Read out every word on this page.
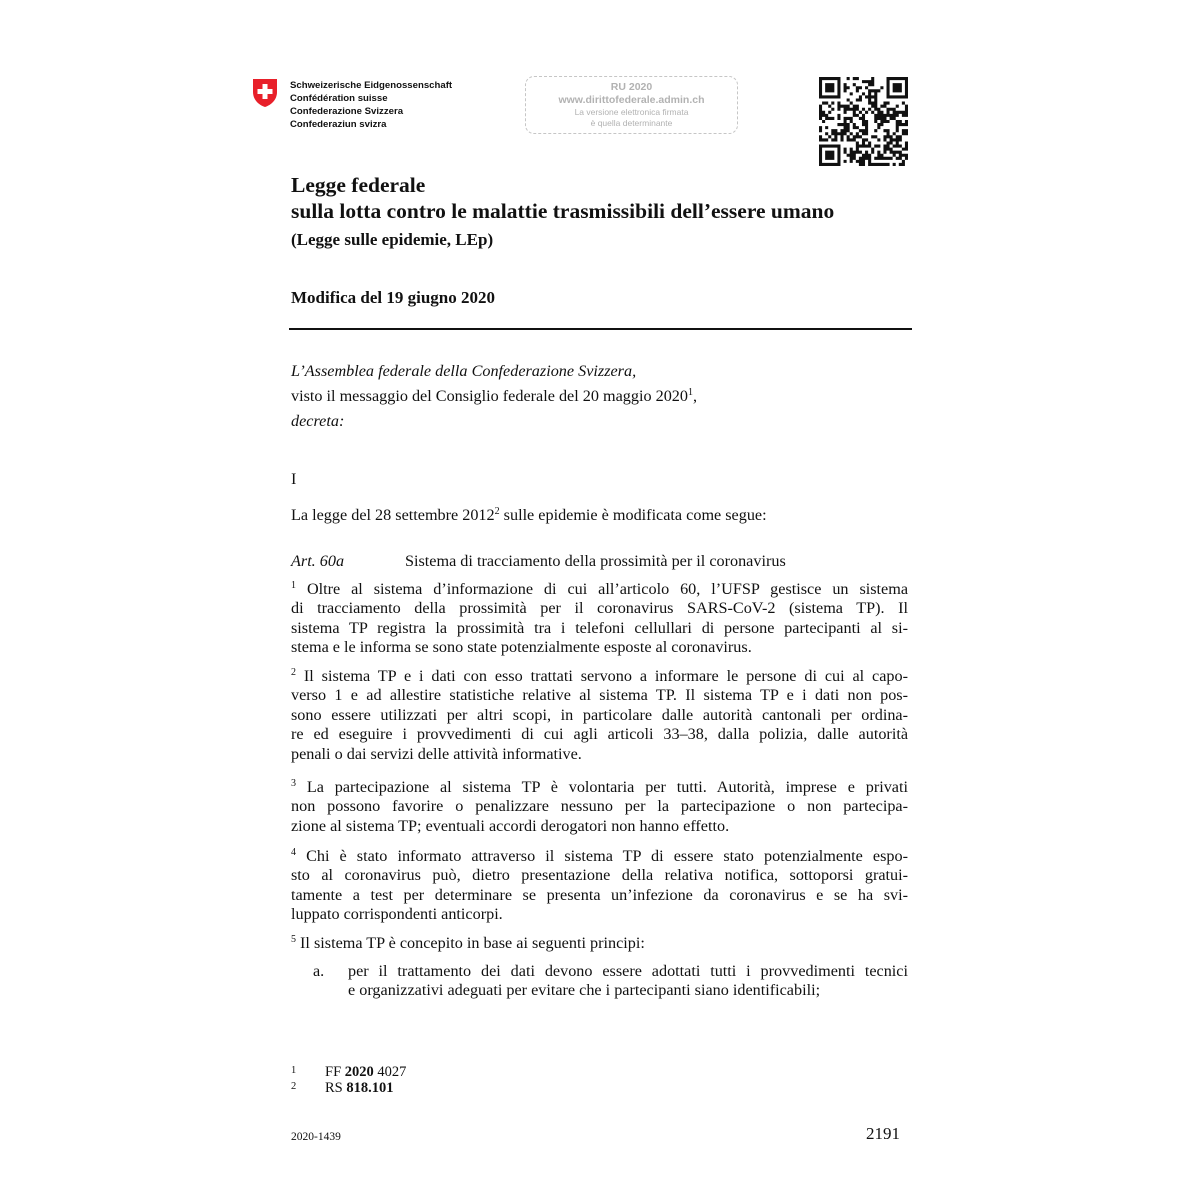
Schweizerische Eidgenossenschaft
Confédération suisse
Confederazione Svizzera
Confederaziun svizra
RU 2020
www.dirittofederale.admin.ch
La versione elettronica firmata
è quella determinante
Legge federale
sulla lotta contro le malattie trasmissibili dell’essere umano
(Legge sulle epidemie, LEp)
Modifica del 19 giugno 2020
L’Assemblea federale della Confederazione Svizzera,
visto il messaggio del Consiglio federale del 20 maggio 2020$^1$,
decreta:
I
La legge del 28 settembre 2012$^2$ sulle epidemie è modificata come segue:
Art. 60a	Sistema di tracciamento della prossimità per il coronavirus
$^1$ Oltre al sistema d’informazione di cui all’articolo 60, l’UFSP gestisce un sistema
di tracciamento della prossimità per il coronavirus SARS-CoV-2 (sistema TP). Il
sistema TP registra la prossimità tra i telefoni cellullari di persone partecipanti al si-
stema e le informa se sono state potenzialmente esposte al coronavirus.
$^2$ Il sistema TP e i dati con esso trattati servono a informare le persone di cui al capo-
verso 1 e ad allestire statistiche relative al sistema TP. Il sistema TP e i dati non pos-
sono essere utilizzati per altri scopi, in particolare dalle autorità cantonali per ordina-
re ed eseguire i provvedimenti di cui agli articoli 33–38, dalla polizia, dalle autorità
penali o dai servizi delle attività informative.
$^3$ La partecipazione al sistema TP è volontaria per tutti. Autorità, imprese e privati
non possono favorire o penalizzare nessuno per la partecipazione o non partecipa-
zione al sistema TP; eventuali accordi derogatori non hanno effetto.
$^4$ Chi è stato informato attraverso il sistema TP di essere stato potenzialmente espo-
sto al coronavirus può, dietro presentazione della relativa notifica, sottoporsi gratui-
tamente a test per determinare se presenta un’infezione da coronavirus e se ha svi-
luppato corrispondenti anticorpi.
$^5$ Il sistema TP è concepito in base ai seguenti principi:
a. per il trattamento dei dati devono essere adottati tutti i provvedimenti tecnici
e organizzativi adeguati per evitare che i partecipanti siano identificabili;
1 FF 2020 4027
2 RS 818.101
2020-1439	2191
